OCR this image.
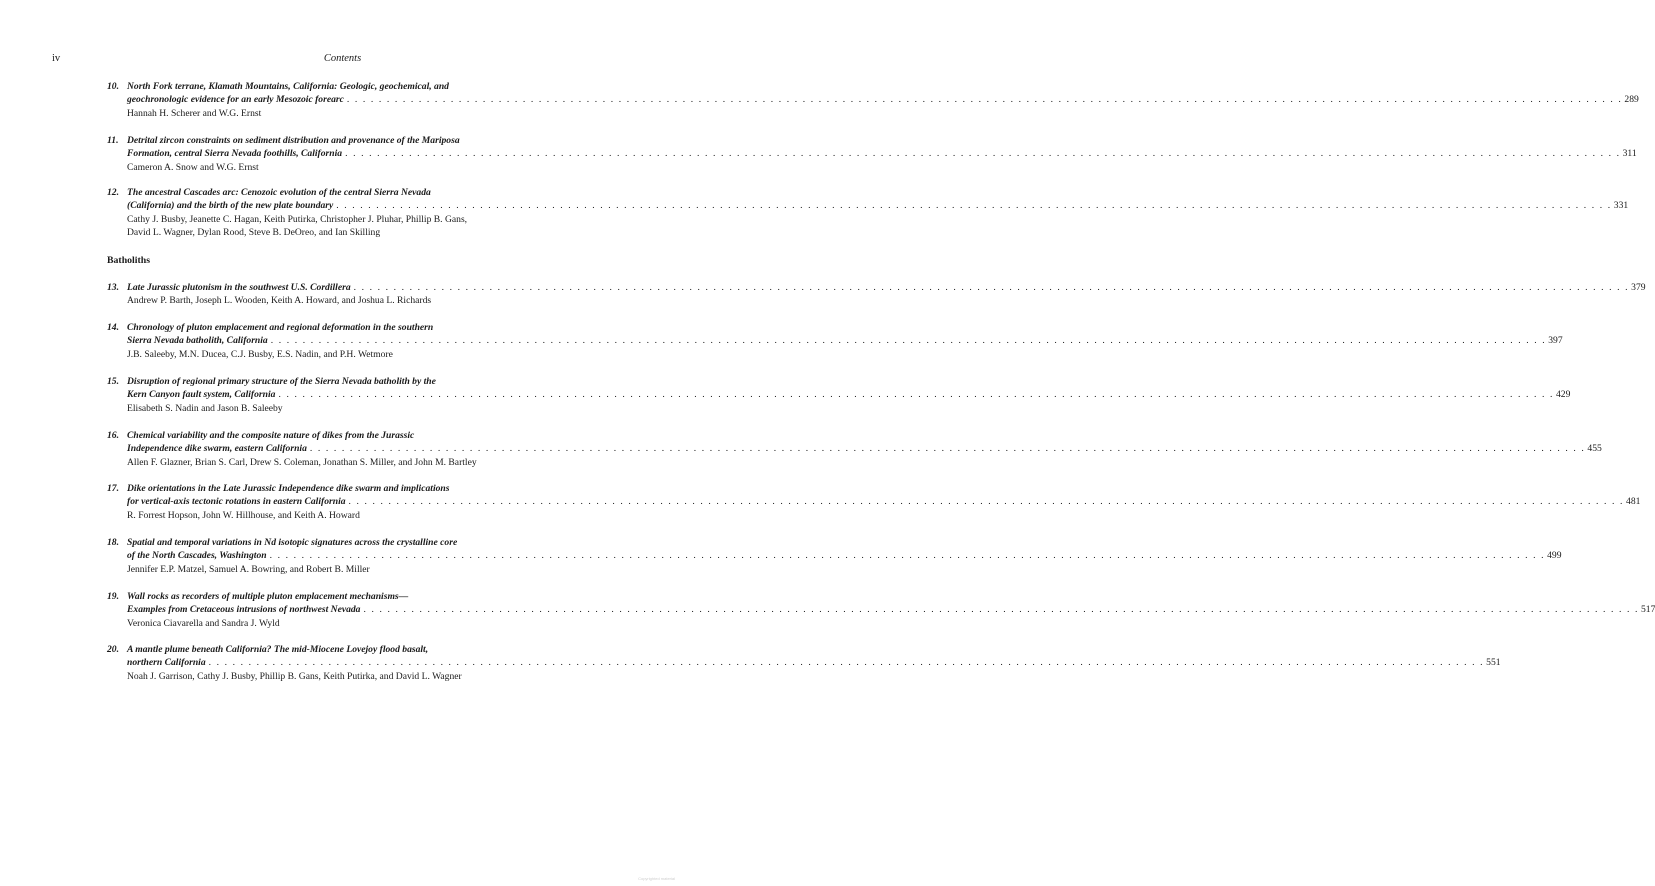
iv	Contents
Batholiths
10. North Fork terrane, Klamath Mountains, California: Geologic, geochemical, and
geochronologic evidence for an early Mesozoic forearc . . . . . . . . . . . . . . . . . . . . . . . . . . . . . . . . . . . . . . . . . . . . . . . . . . . . . . . . . . . . . . . . . . . . . . . . . . . . . . . . . . . . . . . . . . . . . . . . . . . . . . . . . . . . . . . . . . . . . . . . . . . . . . . . . . . . . . . . . . . . . . . . . . . . . . . . . . . . . . . . 289
Hannah H. Scherer and W.G. Ernst
11. Detrital zircon constraints on sediment distribution and provenance of the Mariposa
Formation, central Sierra Nevada foothills, California . . . . . . . . . . . . . . . . . . . . . . . . . . . . . . . . . . . . . . . . . . . . . . . . . . . . . . . . . . . . . . . . . . . . . . . . . . . . . . . . . . . . . . . . . . . . . . . . . . . . . . . . . . . . . . . . . . . . . . . . . . . . . . . . . . . . . . . . . . . . . . . . . . . . . . . . . . . . . . . . 311
Cameron A. Snow and W.G. Ernst
12. The ancestral Cascades arc: Cenozoic evolution of the central Sierra Nevada
(California) and the birth of the new plate boundary . . . . . . . . . . . . . . . . . . . . . . . . . . . . . . . . . . . . . . . . . . . . . . . . . . . . . . . . . . . . . . . . . . . . . . . . . . . . . . . . . . . . . . . . . . . . . . . . . . . . . . . . . . . . . . . . . . . . . . . . . . . . . . . . . . . . . . . . . . . . . . . . . . . . . . . . . . . . . . . . 331
Cathy J. Busby, Jeanette C. Hagan, Keith Putirka, Christopher J. Pluhar, Phillip B. Gans,
David L. Wagner, Dylan Rood, Steve B. DeOreo, and Ian Skilling
13. Late Jurassic plutonism in the southwest U.S. Cordillera . . . . . . . . . . . . . . . . . . . . . . . . . . . . . . . . . . . . . . . . . . . . . . . . . . . . . . . . . . . . . . . . . . . . . . . . . . . . . . . . . . . . . . . . . . . . . . . . . . . . . . . . . . . . . . . . . . . . . . . . . . . . . . . . . . . . . . . . . . . . . . . . . . . . . . . . . . . . . . . . 379
Andrew P. Barth, Joseph L. Wooden, Keith A. Howard, and Joshua L. Richards
14. Chronology of pluton emplacement and regional deformation in the southern
Sierra Nevada batholith, California . . . . . . . . . . . . . . . . . . . . . . . . . . . . . . . . . . . . . . . . . . . . . . . . . . . . . . . . . . . . . . . . . . . . . . . . . . . . . . . . . . . . . . . . . . . . . . . . . . . . . . . . . . . . . . . . . . . . . . . . . . . . . . . . . . . . . . . . . . . . . . . . . . . . . . . . . . . . . . . . 397
J.B. Saleeby, M.N. Ducea, C.J. Busby, E.S. Nadin, and P.H. Wetmore
15. Disruption of regional primary structure of the Sierra Nevada batholith by the
Kern Canyon fault system, California . . . . . . . . . . . . . . . . . . . . . . . . . . . . . . . . . . . . . . . . . . . . . . . . . . . . . . . . . . . . . . . . . . . . . . . . . . . . . . . . . . . . . . . . . . . . . . . . . . . . . . . . . . . . . . . . . . . . . . . . . . . . . . . . . . . . . . . . . . . . . . . . . . . . . . . . . . . . . . . . 429
Elisabeth S. Nadin and Jason B. Saleeby
16. Chemical variability and the composite nature of dikes from the Jurassic
Independence dike swarm, eastern California . . . . . . . . . . . . . . . . . . . . . . . . . . . . . . . . . . . . . . . . . . . . . . . . . . . . . . . . . . . . . . . . . . . . . . . . . . . . . . . . . . . . . . . . . . . . . . . . . . . . . . . . . . . . . . . . . . . . . . . . . . . . . . . . . . . . . . . . . . . . . . . . . . . . . . . . . . . . . . . . 455
Allen F. Glazner, Brian S. Carl, Drew S. Coleman, Jonathan S. Miller, and John M. Bartley
17. Dike orientations in the Late Jurassic Independence dike swarm and implications
for vertical-axis tectonic rotations in eastern California . . . . . . . . . . . . . . . . . . . . . . . . . . . . . . . . . . . . . . . . . . . . . . . . . . . . . . . . . . . . . . . . . . . . . . . . . . . . . . . . . . . . . . . . . . . . . . . . . . . . . . . . . . . . . . . . . . . . . . . . . . . . . . . . . . . . . . . . . . . . . . . . . . . . . . . . . . . . . . . . 481
R. Forrest Hopson, John W. Hillhouse, and Keith A. Howard
18. Spatial and temporal variations in Nd isotopic signatures across the crystalline core
of the North Cascades, Washington . . . . . . . . . . . . . . . . . . . . . . . . . . . . . . . . . . . . . . . . . . . . . . . . . . . . . . . . . . . . . . . . . . . . . . . . . . . . . . . . . . . . . . . . . . . . . . . . . . . . . . . . . . . . . . . . . . . . . . . . . . . . . . . . . . . . . . . . . . . . . . . . . . . . . . . . . . . . . . . . 499
Jennifer E.P. Matzel, Samuel A. Bowring, and Robert B. Miller
19. Wall rocks as recorders of multiple pluton emplacement mechanisms—
Examples from Cretaceous intrusions of northwest Nevada . . . . . . . . . . . . . . . . . . . . . . . . . . . . . . . . . . . . . . . . . . . . . . . . . . . . . . . . . . . . . . . . . . . . . . . . . . . . . . . . . . . . . . . . . . . . . . . . . . . . . . . . . . . . . . . . . . . . . . . . . . . . . . . . . . . . . . . . . . . . . . . . . . . . . . . . . . . . . . . . 517
Veronica Ciavarella and Sandra J. Wyld
20. A mantle plume beneath California? The mid-Miocene Lovejoy flood basalt,
northern California . . . . . . . . . . . . . . . . . . . . . . . . . . . . . . . . . . . . . . . . . . . . . . . . . . . . . . . . . . . . . . . . . . . . . . . . . . . . . . . . . . . . . . . . . . . . . . . . . . . . . . . . . . . . . . . . . . . . . . . . . . . . . . . . . . . . . . . . . . . . . . . . . . . . . . . . . . . . . . . . 551
Noah J. Garrison, Cathy J. Busby, Phillip B. Gans, Keith Putirka, and David L. Wagner
Copyrighted material
